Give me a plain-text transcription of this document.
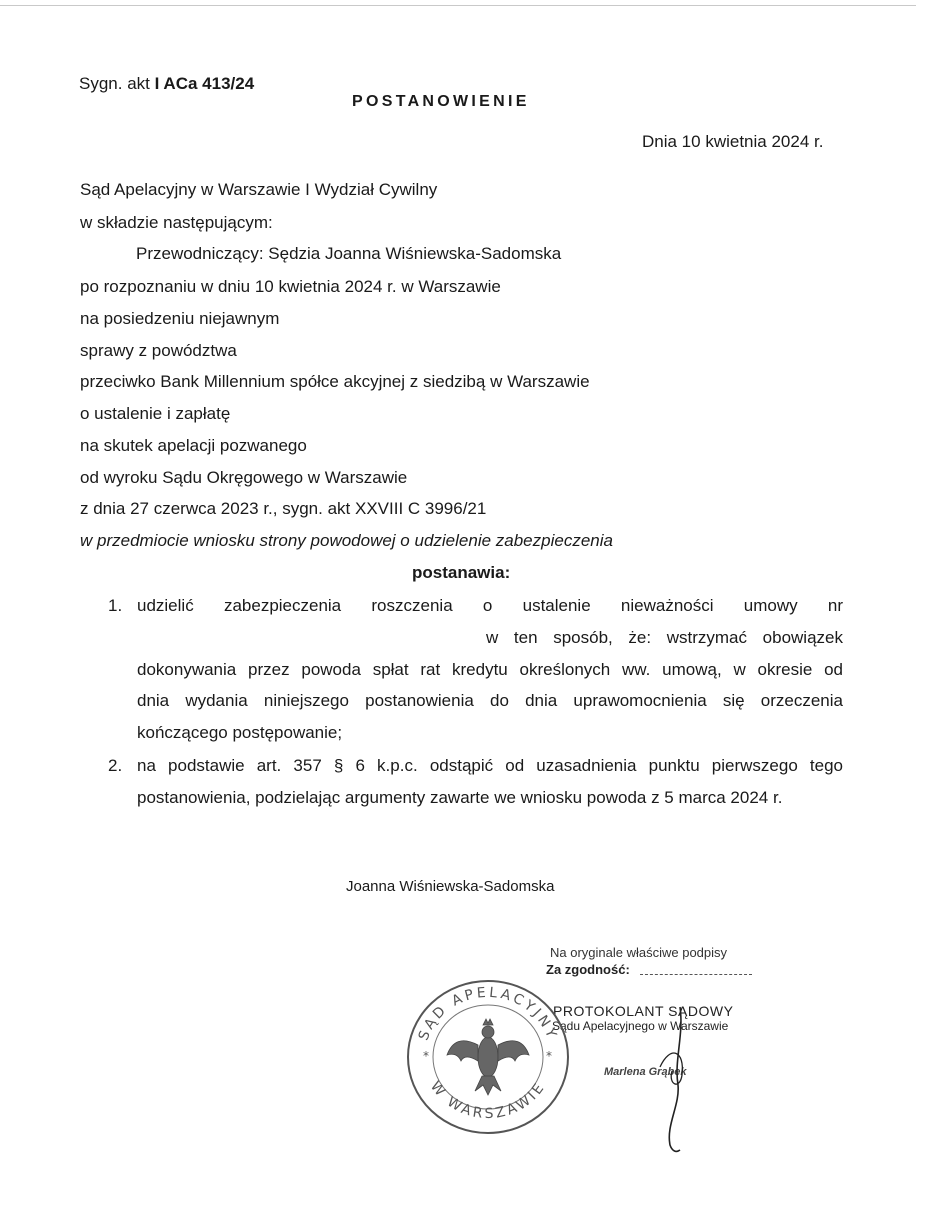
Sygn. akt I ACa 413/24
POSTANOWIENIE
Dnia 10 kwietnia 2024 r.
Sąd Apelacyjny w Warszawie I Wydział Cywilny
w składzie następującym:
Przewodniczący: Sędzia Joanna Wiśniewska-Sadomska
po rozpoznaniu w dniu 10 kwietnia 2024 r. w Warszawie
na posiedzeniu niejawnym
sprawy z powództwa
przeciwko Bank Millennium spółce akcyjnej z siedzibą w Warszawie
o ustalenie i zapłatę
na skutek apelacji pozwanego
od wyroku Sądu Okręgowego w Warszawie
z dnia 27 czerwca 2023 r., sygn. akt XXVIII C 3996/21
w przedmiocie wniosku strony powodowej o udzielenie zabezpieczenia
postanawia:
1. udzielić zabezpieczenia roszczenia o ustalenie nieważności umowy nr
w ten sposób, że: wstrzymać obowiązek
dokonywania przez powoda spłat rat kredytu określonych ww. umową, w okresie od
dnia wydania niniejszego postanowienia do dnia uprawomocnienia się orzeczenia
kończącego postępowanie;
2. na podstawie art. 357 § 6 k.p.c. odstąpić od uzasadnienia punktu pierwszego tego
postanowienia, podzielając argumenty zawarte we wniosku powoda z 5 marca 2024 r.
Joanna Wiśniewska-Sadomska
Na oryginale właściwe podpisy
Za zgodność:
PROTOKOLANT SĄDOWY
Sądu Apelacyjnego w Warszawie
Marlena Grąbek
SĄD APELACYJNY
W WARSZAWIE
*	*
